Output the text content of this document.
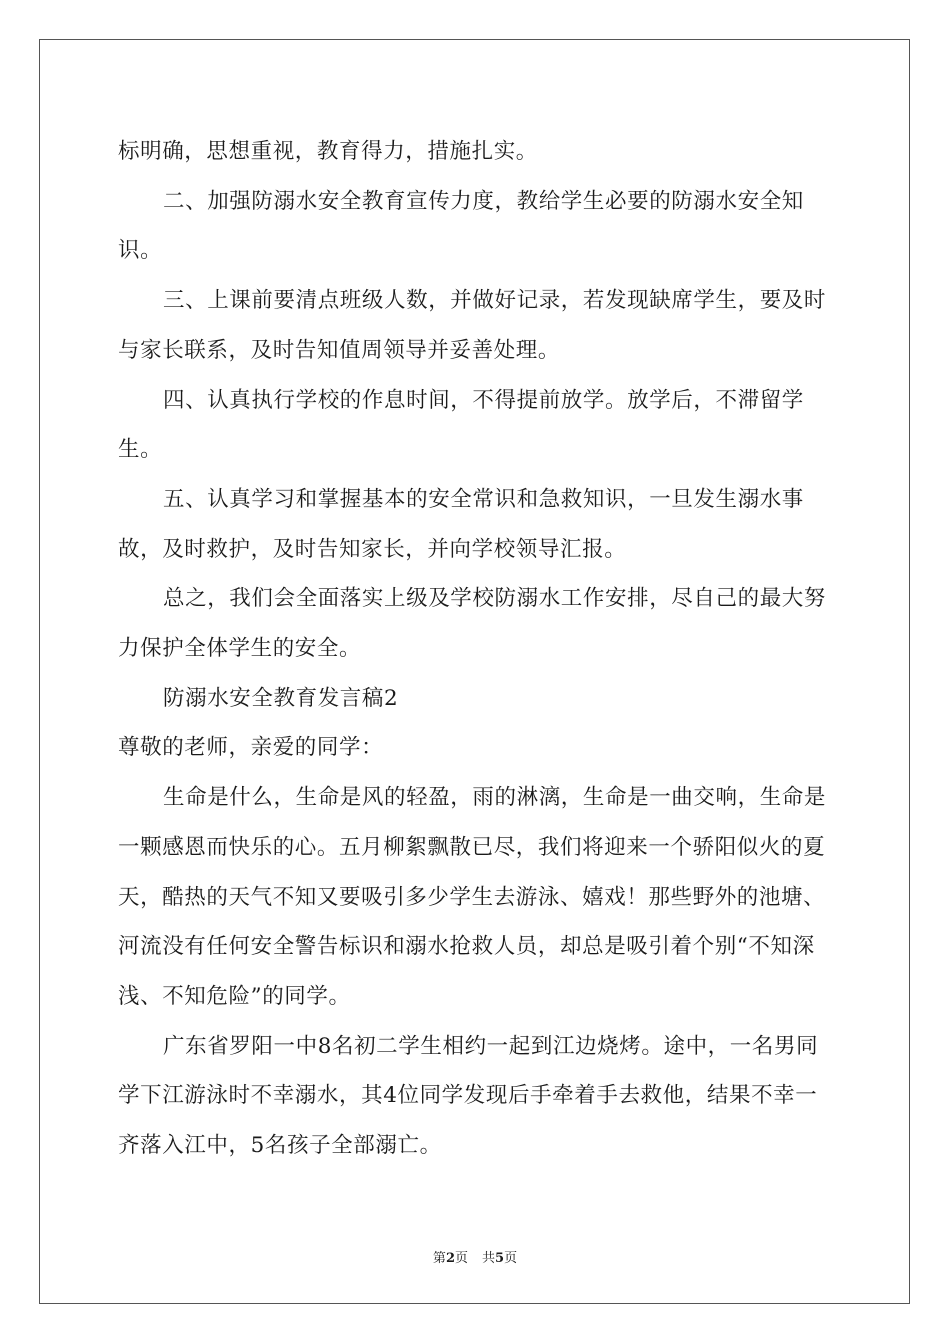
标明确，思想重视，教育得力，措施扎实。

二、加强防溺水安全教育宣传力度，教给学生必要的防溺水安全知识。

三、上课前要清点班级人数，并做好记录，若发现缺席学生，要及时与家长联系，及时告知值周领导并妥善处理。

四、认真执行学校的作息时间，不得提前放学。放学后，不滞留学生。

五、认真学习和掌握基本的安全常识和急救知识，一旦发生溺水事故，及时救护，及时告知家长，并向学校领导汇报。

总之，我们会全面落实上级及学校防溺水工作安排，尽自己的最大努力保护全体学生的安全。

防溺水安全教育发言稿2

尊敬的老师，亲爱的同学：

生命是什么，生命是风的轻盈，雨的淋漓，生命是一曲交响，生命是一颗感恩而快乐的心。五月柳絮飘散已尽，我们将迎来一个骄阳似火的夏天，酷热的天气不知又要吸引多少学生去游泳、嬉戏！那些野外的池塘、河流没有任何安全警告标识和溺水抢救人员，却总是吸引着个别“不知深浅、不知危险”的同学。

广东省罗阳一中8名初二学生相约一起到江边烧烤。途中，一名男同学下江游泳时不幸溺水，其4位同学发现后手牵着手去救他，结果不幸一齐落入江中，5名孩子全部溺亡。

第2页 共5页
